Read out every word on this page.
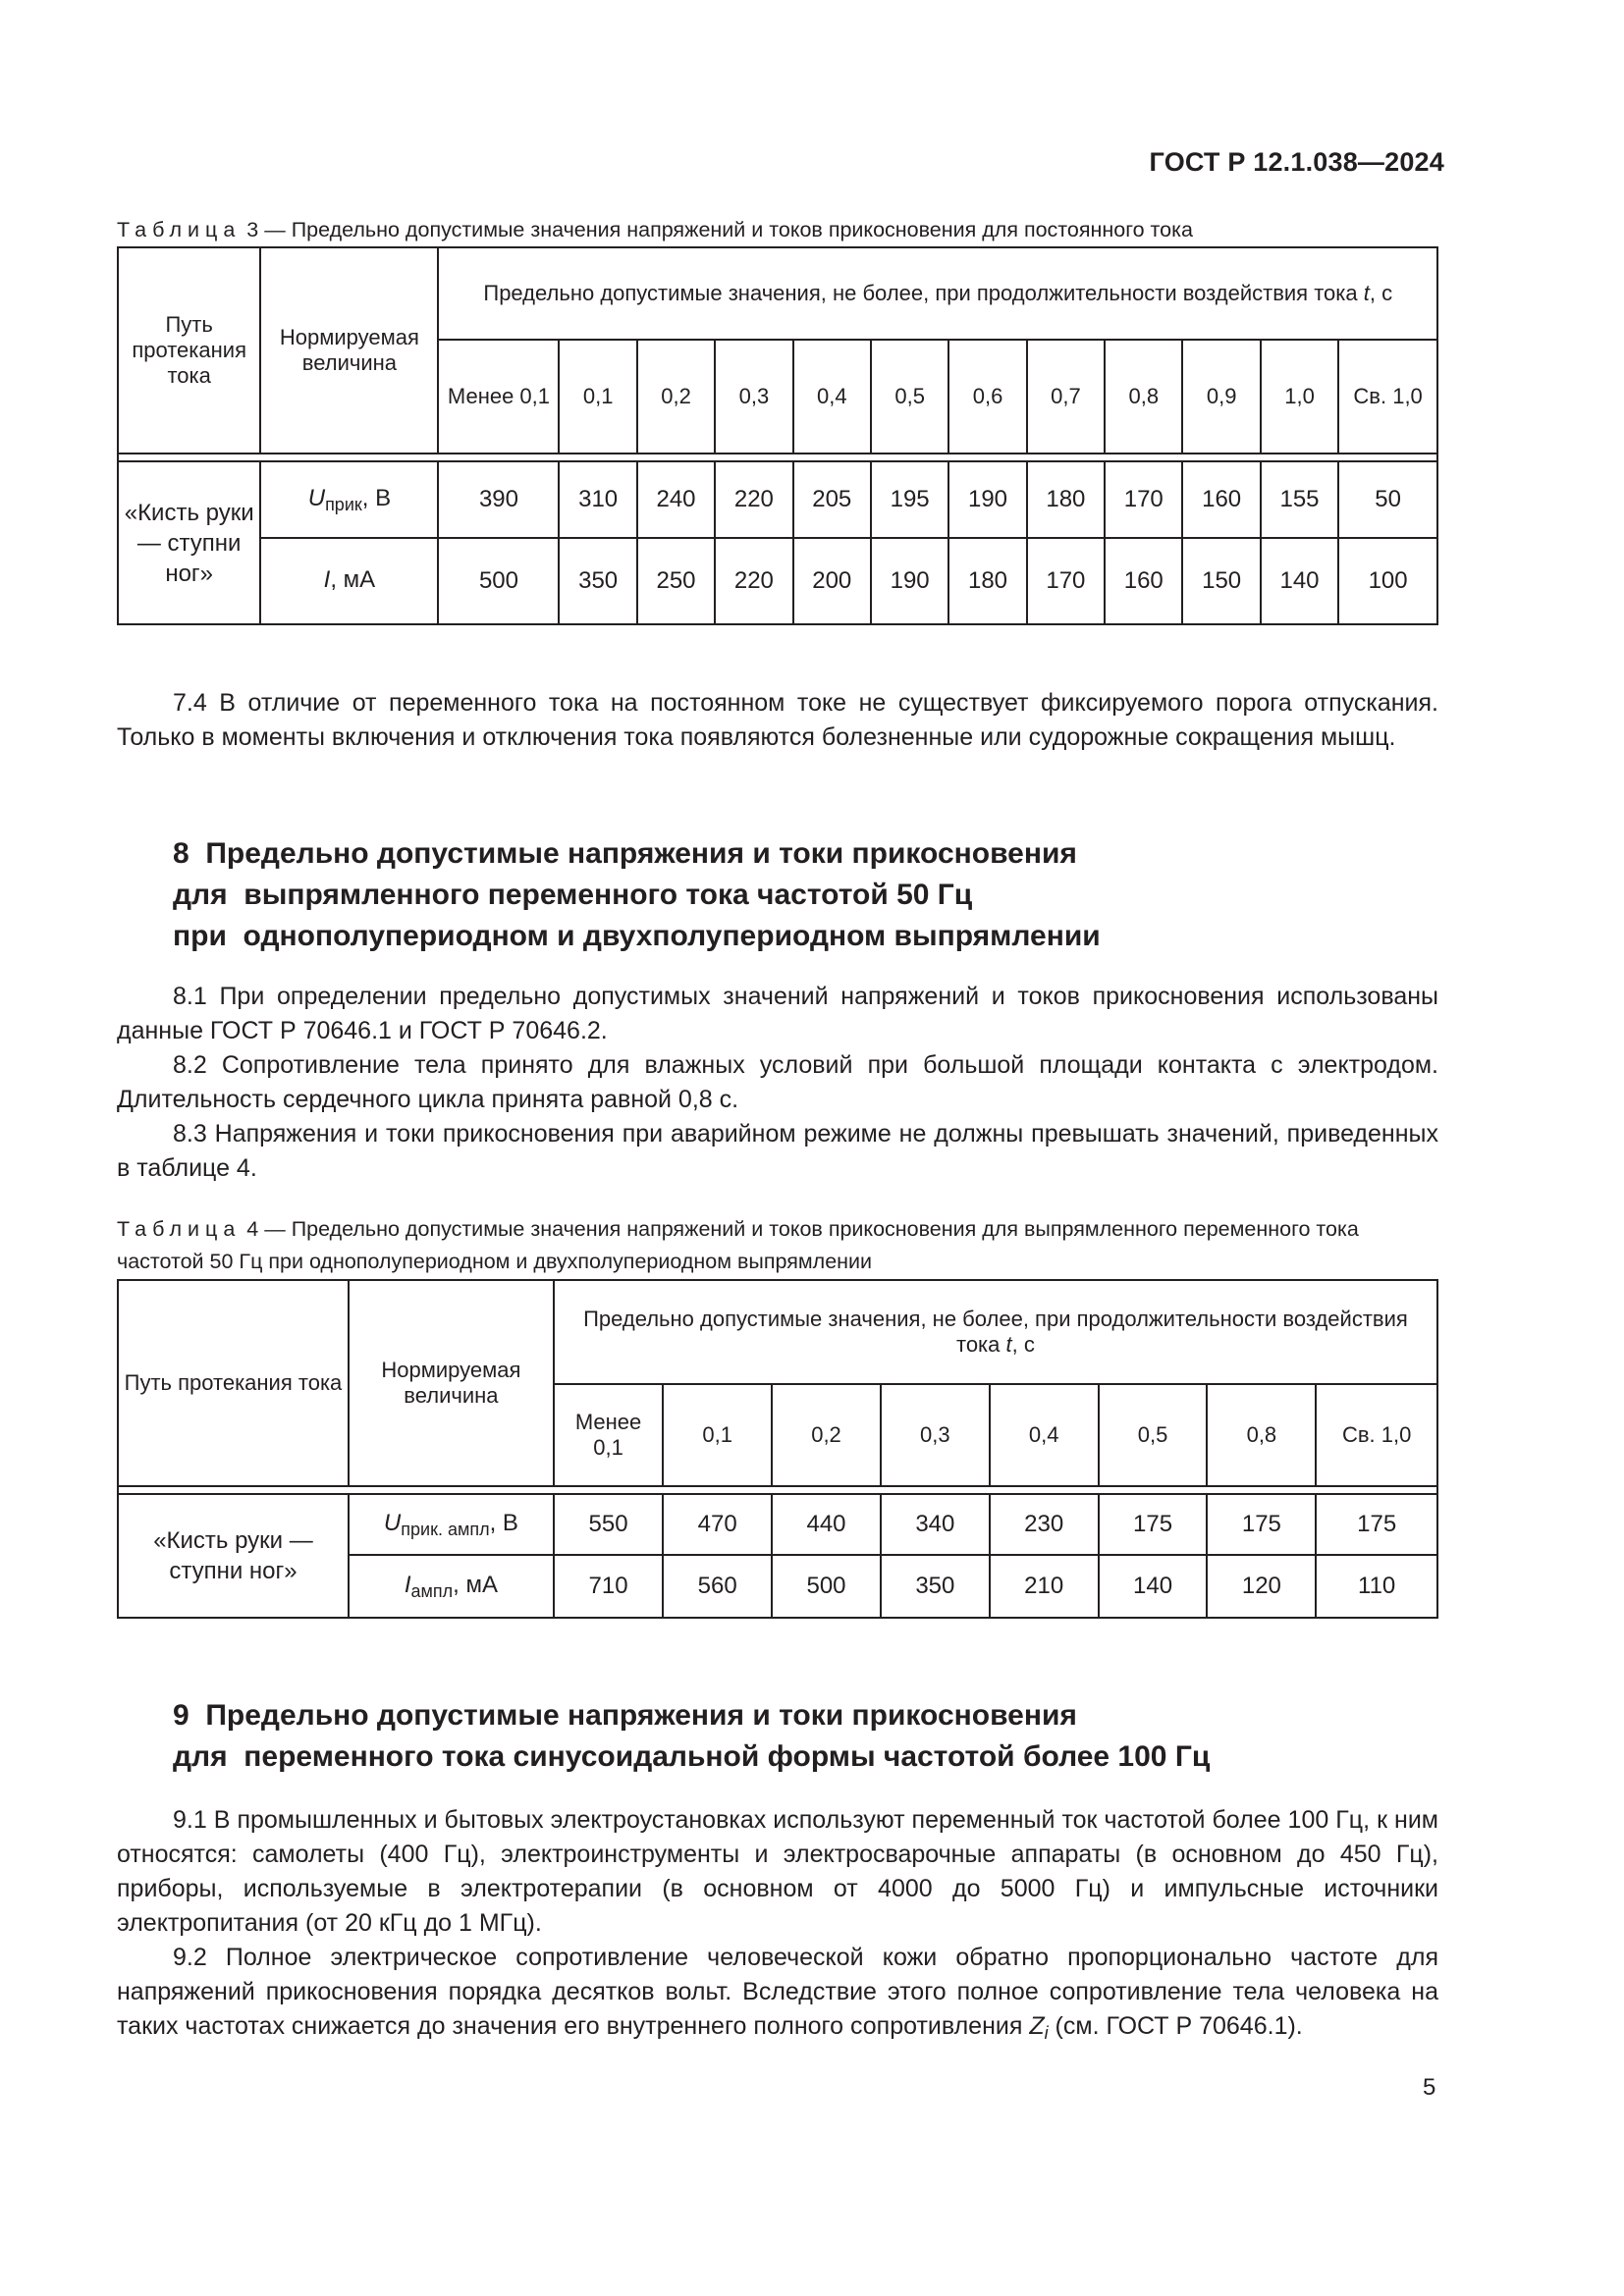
ГОСТ Р 12.1.038—2024
Таблица 3 — Предельно допустимые значения напряжений и токов прикосновения для постоянного тока
Путь протекания тока	Нормируемая величина	Предельно допустимые значения, не более, при продолжительности воздействия тока t, с											
		Менее 0,1	0,1	0,2	0,3	0,4	0,5	0,6	0,7	0,8	0,9	1,0	Св. 1,0

«Кисть руки — ступни ног»	$U_{прик}$, В	390	310	240	220	205	195	190	180	170	160	155	50
	I, мА	500	350	250	220	200	190	180	170	160	150	140	100

7.4 В отличие от переменного тока на постоянном токе не существует фиксируемого порога отпускания. Только в моменты включения и отключения тока появляются болезненные или судорожные сокращения мышц.

8  Предельно допустимые напряжения и токи прикосновения
для  выпрямленного переменного тока частотой 50 Гц
при  однополупериодном и двухполупериодном выпрямлении

8.1 При определении предельно допустимых значений напряжений и токов прикосновения использованы данные ГОСТ Р 70646.1 и ГОСТ Р 70646.2.

8.2 Сопротивление тела принято для влажных условий при большой площади контакта с электродом. Длительность сердечного цикла принята равной 0,8 с.

8.3 Напряжения и токи прикосновения при аварийном режиме не должны превышать значений, приведенных в таблице 4.

Таблица 4 — Предельно допустимые значения напряжений и токов прикосновения для выпрямленного переменного тока частотой 50 Гц при однополупериодном и двухполупериодном выпрямлении
Путь протекания тока	Нормируемая величина	Предельно допустимые значения, не более, при продолжительности воздействия тока t, с							
		Менее 0,1	0,1	0,2	0,3	0,4	0,5	0,8	Св. 1,0

«Кисть руки — ступни ног»	$U_{прик. ампл}$, В	550	470	440	340	230	175	175	175
	$I_{ампл}$, мА	710	560	500	350	210	140	120	110
9  Предельно допустимые напряжения и токи прикосновения
для  переменного тока синусоидальной формы частотой более 100 Гц

9.1 В промышленных и бытовых электроустановках используют переменный ток частотой более 100 Гц, к ним относятся: самолеты (400 Гц), электроинструменты и электросварочные аппараты (в основном до 450 Гц), приборы, используемые в электротерапии (в основном от 4000 до 5000 Гц) и импульсные источники электропитания (от 20 кГц до 1 МГц).

9.2 Полное электрическое сопротивление человеческой кожи обратно пропорционально частоте для напряжений прикосновения порядка десятков вольт. Вследствие этого полное сопротивление тела человека на таких частотах снижается до значения его внутреннего полного сопротивления $Z_i$ (см. ГОСТ Р 70646.1).

5
